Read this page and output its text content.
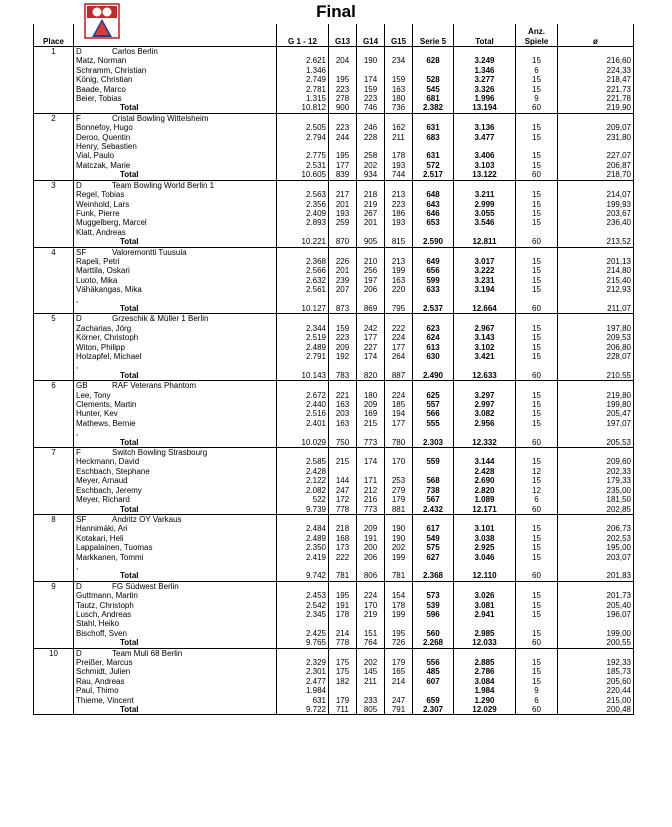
Final
Place		G 1 - 12	G13	G14	G15	Serie 5	Total	Anz.
Spiele	ø
1	D Carlos Berlin								
	Matz, Norman	2.621	204	190	234	628	3.249	15	216,60
	Schramm, Christian	1.346					1.346	6	224,33
	König, Christian	2.749	195	174	159	528	3.277	15	218,47
	Baade, Marco	2.781	223	159	163	545	3.326	15	221,73
	Beier, Tobias	1.315	278	223	180	681	1.996	9	221,78
	Total	10.812	900	746	736	2.382	13.194	60	219,90
2	F Cristal Bowling Wittelsheim								
	Bonnefoy, Hugo	2.505	223	246	162	631	3.136	15	209,07
	Deroo, Quentin	2.794	244	228	211	683	3.477	15	231,80
	Henry, Sebastien								
	Vial, Paulo	2.775	195	258	178	631	3.406	15	227,07
	Matczak, Marie	2.531	177	202	193	572	3.103	15	206,87
	Total	10.605	839	934	744	2.517	13.122	60	218,70
3	D Team Bowling World Berlin 1								
	Regel, Tobias	2.563	217	218	213	648	3.211	15	214,07
	Weinhold, Lars	2.356	201	219	223	643	2.999	15	199,93
	Funk, Pierre	2.409	193	267	186	646	3.055	15	203,67
	Muggelberg, Marcel	2.893	259	201	193	653	3.546	15	236,40
	Klatt, Andreas								
	Total	10.221	870	905	815	2.590	12.811	60	213,52
4	SF Valoremontti Tuusula								
	Rapeli, Petri	2.368	226	210	213	649	3.017	15	201,13
	Marttila, Oskari	2.566	201	256	199	656	3.222	15	214,80
	Luoto, Mika	2.632	239	197	163	599	3.231	15	215,40
	Vähäkangas, Mika	2.561	207	206	220	633	3.194	15	212,93
	,								
	Total	10.127	873	869	795	2.537	12.664	60	211,07
5	D Grzeschik & Müller 1 Berlin								
	Zacharias, Jörg	2.344	159	242	222	623	2.967	15	197,80
	Körner, Christoph	2.519	223	177	224	624	3.143	15	209,53
	Witon, Philipp	2.489	209	227	177	613	3.102	15	206,80
	Holzapfel, Michael	2.791	192	174	264	630	3.421	15	228,07
	,								
	Total	10.143	783	820	887	2.490	12.633	60	210,55
6	GB RAF Veterans Phantom								
	Lee, Tony	2.672	221	180	224	625	3.297	15	219,80
	Clements, Martin	2.440	163	209	185	557	2.997	15	199,80
	Hunter, Kev	2.516	203	169	194	566	3.082	15	205,47
	Mathews, Bernie	2.401	163	215	177	555	2.956	15	197,07
	,								
	Total	10.029	750	773	780	2.303	12.332	60	205,53
7	F Switch Bowling Strasbourg								
	Heckmann, David	2.585	215	174	170	559	3.144	15	209,60
	Eschbach, Stephane	2.428					2.428	12	202,33
	Meyer, Arnaud	2.122	144	171	253	568	2.690	15	179,33
	Eschbach, Jeremy	2.082	247	212	279	738	2.820	12	235,00
	Meyer, Richard	522	172	216	179	567	1.089	6	181,50
	Total	9.739	778	773	881	2.432	12.171	60	202,85
8	SF Andritz OY Varkaus								
	Hannimäki, Ari	2.484	218	209	190	617	3.101	15	206,73
	Kotakari, Heli	2.489	168	191	190	549	3.038	15	202,53
	Lappalainen, Tuomas	2.350	173	200	202	575	2.925	15	195,00
	Markkanen, Tommi	2.419	222	206	199	627	3.046	15	203,07
	,								
	Total	9.742	781	806	781	2.368	12.110	60	201,83
9	D FG Südwest Berlin								
	Guttmann, Martin	2.453	195	224	154	573	3.026	15	201,73
	Tautz, Christoph	2.542	191	170	178	539	3.081	15	205,40
	Lusch, Andreas	2.345	178	219	199	596	2.941	15	196,07
	Stahl, Heiko								
	Bischoff, Sven	2.425	214	151	195	560	2.985	15	199,00
	Total	9.765	778	764	726	2.268	12.033	60	200,55
10	D Team Muli 68 Berlin								
	Preißer, Marcus	2.329	175	202	179	556	2.885	15	192,33
	Schmidt, Julien	2.301	175	145	165	485	2.786	15	185,73
	Rau, Andreas	2.477	182	211	214	607	3.084	15	205,60
	Paul, Thimo	1.984					1.984	9	220,44
	Thieme, Vincent	631	179	233	247	659	1.290	6	215,00
	Total	9.722	711	805	791	2.307	12.029	60	200,48
